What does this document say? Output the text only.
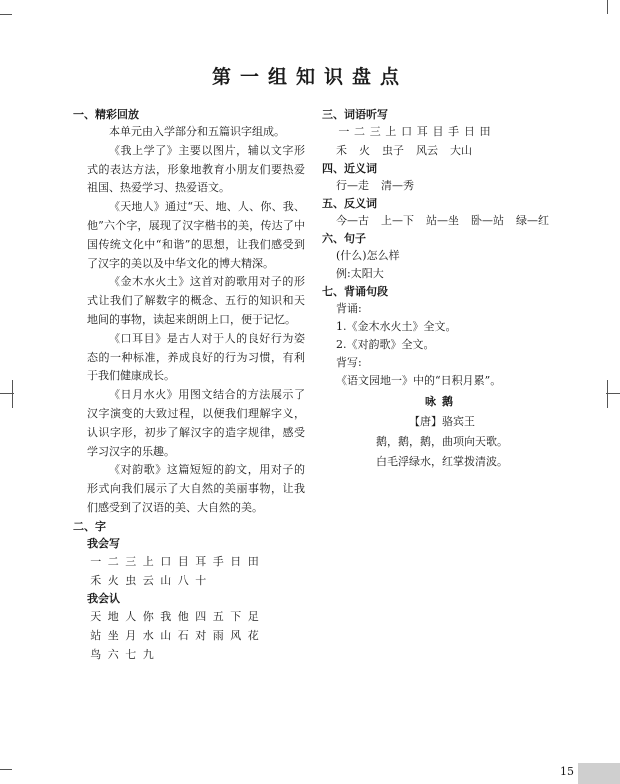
第一组知识盘点
一、精彩回放

本单元由入学部分和五篇识字组成。

《我上学了》主要以图片，辅以文字形式的表达方法，形象地教育小朋友们要热爱祖国、热爱学习、热爱语文。

《天地人》通过“天、地、人、你、我、他”六个字，展现了汉字楷书的美，传达了中国传统文化中“和谐”的思想，让我们感受到了汉字的美以及中华文化的博大精深。

《金木水火土》这首对韵歌用对子的形式让我们了解数字的概念、五行的知识和天地间的事物，读起来朗朗上口，便于记忆。

《口耳目》是古人对于人的良好行为姿态的一种标准，养成良好的行为习惯，有利于我们健康成长。

《日月水火》用图文结合的方法展示了汉字演变的大致过程，以便我们理解字义，认识字形，初步了解汉字的造字规律，感受学习汉字的乐趣。

《对韵歌》这篇短短的韵文，用对子的形式向我们展示了大自然的美丽事物，让我们感受到了汉语的美、大自然的美。

二、字
我会写
一 二 三 上 口 目 耳 手 日 田
禾 火 虫 云 山 八 十
我会认
天 地 人 你 我 他 四 五 下 足
站 坐 月 水 山 石 对 雨 风 花
鸟 六 七 九
三、词语听写
一 二 三 上 口 耳 目 手 日 田
禾 火 虫子 风云 大山
四、近义词
行—走 清—秀
五、反义词
今—古 上—下 站—坐 卧—站 绿—红
六、句子
(什么)怎么样
例:太阳大
七、背诵句段
背诵:
1.《金木水火土》全文。
2.《对韵歌》全文。
背写:
《语文园地一》中的“日积月累”。
咏鹅
【唐】骆宾王
鹅，鹅，鹅，曲项向天歌。
白毛浮绿水，红掌拨清波。
15
